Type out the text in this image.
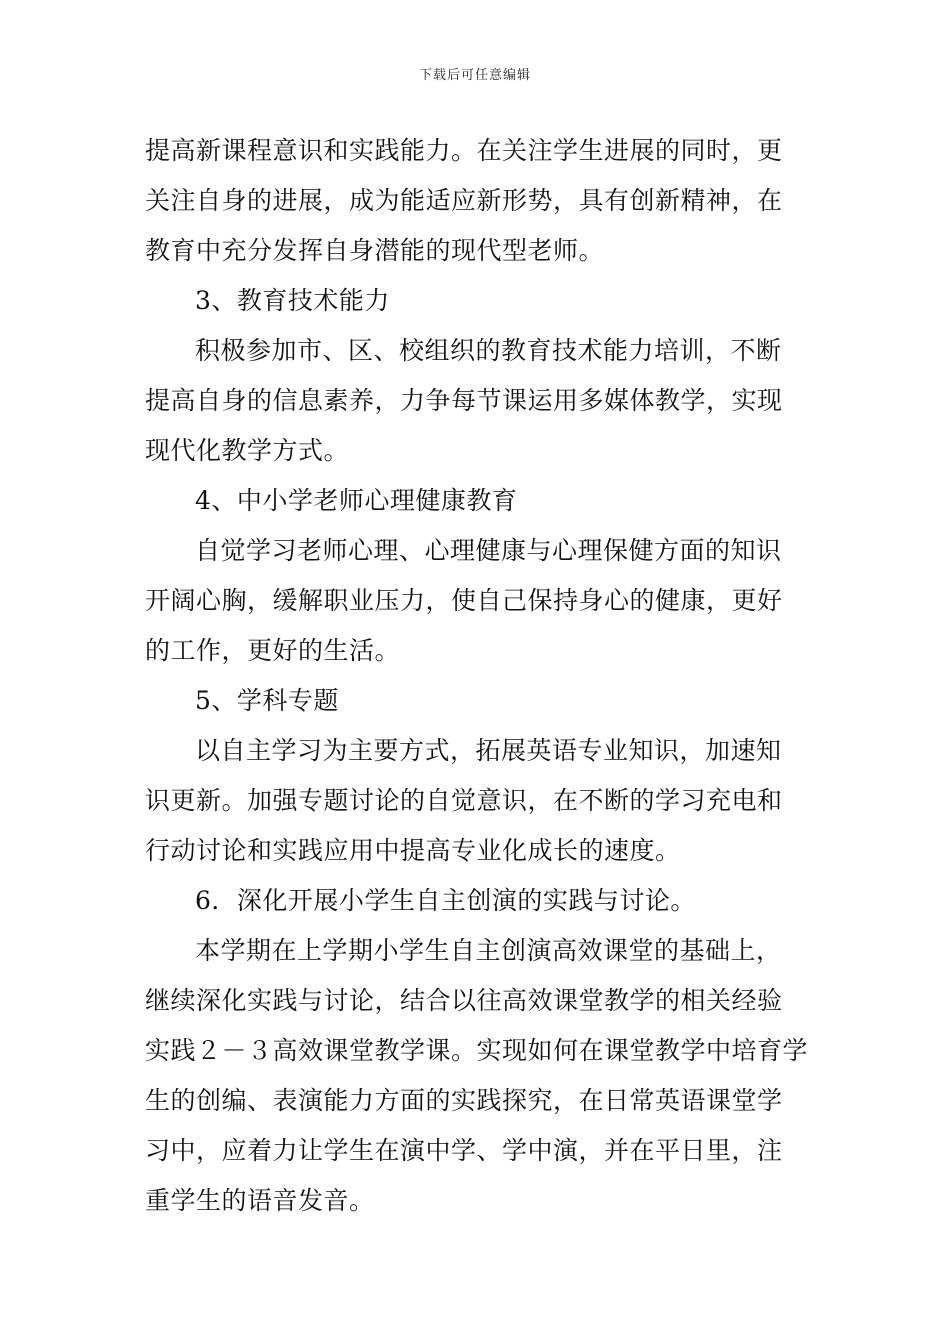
下载后可任意编辑
提高新课程意识和实践能力。在关注学生进展的同时，更
关注自身的进展，成为能适应新形势，具有创新精神，在
教育中充分发挥自身潜能的现代型老师。
3、教育技术能力
积极参加市、区、校组织的教育技术能力培训，不断
提高自身的信息素养，力争每节课运用多媒体教学，实现
现代化教学方式。
4、中小学老师心理健康教育
自觉学习老师心理、心理健康与心理保健方面的知识
开阔心胸，缓解职业压力，使自己保持身心的健康，更好
的工作，更好的生活。
5、学科专题
以自主学习为主要方式，拓展英语专业知识，加速知
识更新。加强专题讨论的自觉意识，在不断的学习充电和
行动讨论和实践应用中提高专业化成长的速度。
6．深化开展小学生自主创演的实践与讨论。
本学期在上学期小学生自主创演高效课堂的基础上，
继续深化实践与讨论，结合以往高效课堂教学的相关经验
实践２－３高效课堂教学课。实现如何在课堂教学中培育学
生的创编、表演能力方面的实践探究，在日常英语课堂学
习中，应着力让学生在演中学、学中演，并在平日里，注
重学生的语音发音。
